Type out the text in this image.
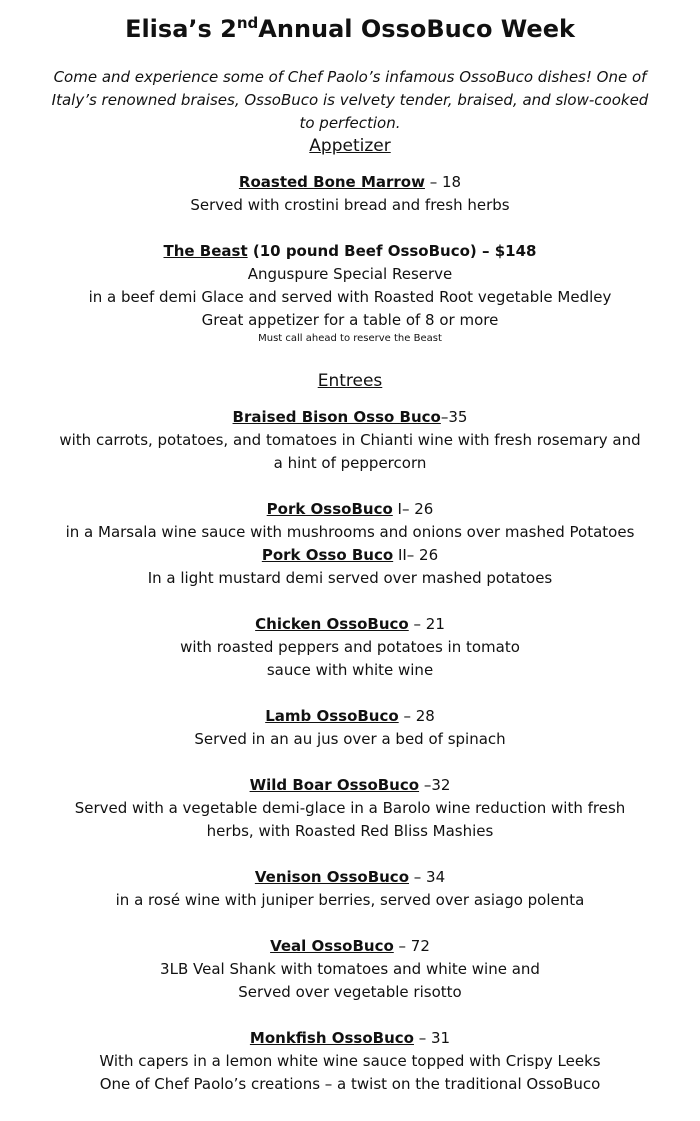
Elisa’s 2ndAnnual OssoBuco Week

Come and experience some of Chef Paolo’s infamous OssoBuco dishes! One of Italy’s renowned braises, OssoBuco is velvety tender, braised, and slow-cooked to perfection.

Appetizer

Roasted Bone Marrow – 18

Served with crostini bread and fresh herbs

The Beast (10 pound Beef OssoBuco) – $148

Anguspure Special Reserve

in a beef demi Glace and served with Roasted Root vegetable Medley

Great appetizer for a table of 8 or more

Must call ahead to reserve the Beast

Entrees

Braised Bison Osso Buco–35

with carrots, potatoes, and tomatoes in Chianti wine with fresh rosemary and

a hint of peppercorn

Pork OssoBuco I– 26

in a Marsala wine sauce with mushrooms and onions over mashed Potatoes

Pork Osso Buco II– 26

In a light mustard demi served over mashed potatoes

Chicken OssoBuco – 21

with roasted peppers and potatoes in tomato

sauce with white wine

Lamb OssoBuco – 28

Served in an au jus over a bed of spinach

Wild Boar OssoBuco –32

Served with a vegetable demi-glace in a Barolo wine reduction with fresh

herbs, with Roasted Red Bliss Mashies

Venison OssoBuco – 34

in a rosé wine with juniper berries, served over asiago polenta

Veal OssoBuco – 72

3LB Veal Shank with tomatoes and white wine and

Served over vegetable risotto

Monkfish OssoBuco – 31

With capers in a lemon white wine sauce topped with Crispy Leeks

One of Chef Paolo’s creations – a twist on the traditional OssoBuco
